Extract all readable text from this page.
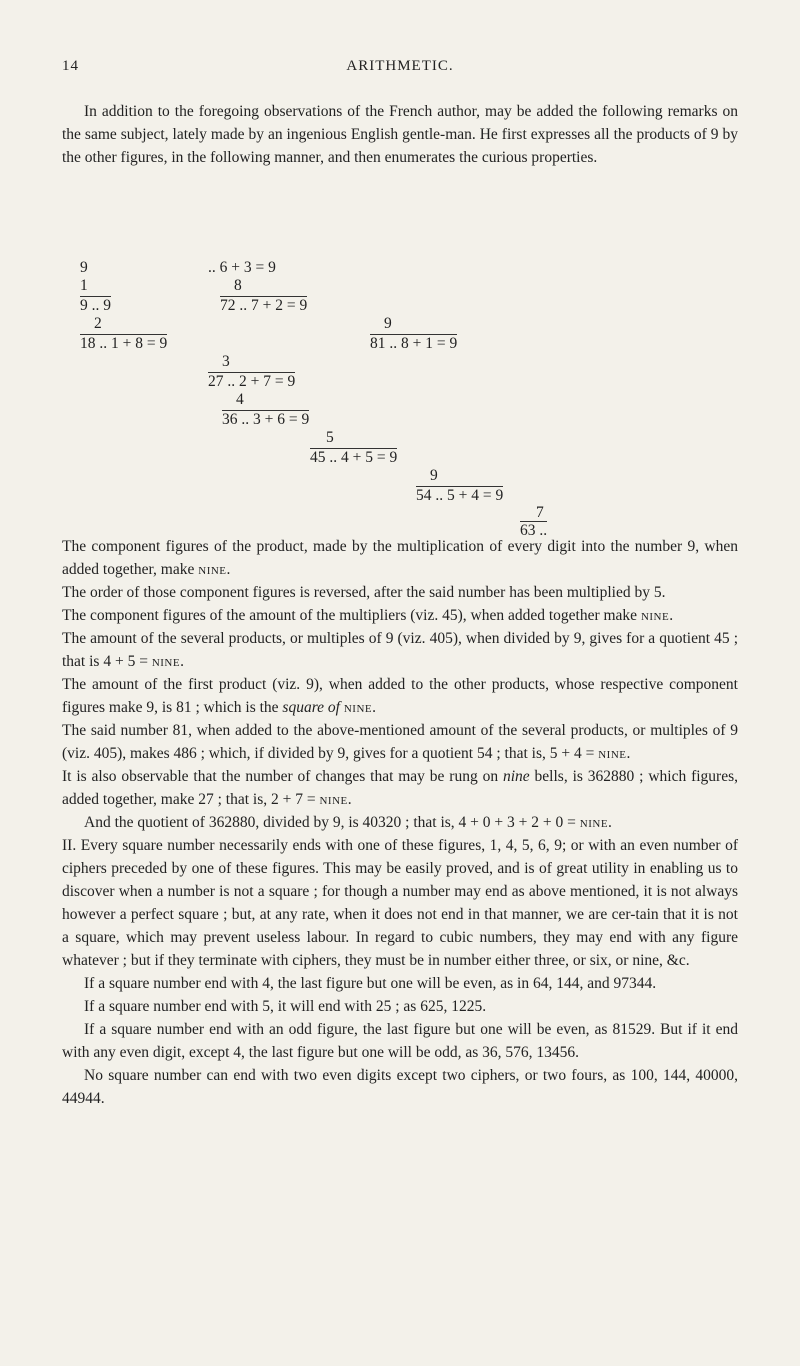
14	ARITHMETIC.

In addition to the foregoing observations of the French author, may be added the following remarks on the same subject, lately made by an ingenious English gentle-man. He first expresses all the products of 9 by the other figures, in the following manner, and then enumerates the curious properties.

9
1
9 .. 9
2
18 .. 1 + 8 = 9
3
27 .. 2 + 7 = 9
4
36 .. 3 + 6 = 9
5
45 .. 4 + 5 = 9
9
54 .. 5 + 4 = 9
7
63 ..
.. 6 + 3 = 9
8
72 .. 7 + 2 = 9
9
81 .. 8 + 1 = 9

The component figures of the product, made by the multiplication of every digit into the number 9, when added together, make nine.

The order of those component figures is reversed, after the said number has been multiplied by 5.

The component figures of the amount of the multipliers (viz. 45), when added together make nine.

The amount of the several products, or multiples of 9 (viz. 405), when divided by 9, gives for a quotient 45 ; that is 4 + 5 = nine.

The amount of the first product (viz. 9), when added to the other products, whose respective component figures make 9, is 81 ; which is the square of nine.

The said number 81, when added to the above-mentioned amount of the several products, or multiples of 9 (viz. 405), makes 486 ; which, if divided by 9, gives for a quotient 54 ; that is, 5 + 4 = nine.

It is also observable that the number of changes that may be rung on nine bells, is 362880 ; which figures, added together, make 27 ; that is, 2 + 7 = nine.

And the quotient of 362880, divided by 9, is 40320 ; that is, 4 + 0 + 3 + 2 + 0 = nine.

II. Every square number necessarily ends with one of these figures, 1, 4, 5, 6, 9; or with an even number of ciphers preceded by one of these figures. This may be easily proved, and is of great utility in enabling us to discover when a number is not a square ; for though a number may end as above mentioned, it is not always however a perfect square ; but, at any rate, when it does not end in that manner, we are cer-tain that it is not a square, which may prevent useless labour. In regard to cubic numbers, they may end with any figure whatever ; but if they terminate with ciphers, they must be in number either three, or six, or nine, &c.

If a square number end with 4, the last figure but one will be even, as in 64, 144, and 97344.

If a square number end with 5, it will end with 25 ; as 625, 1225.

If a square number end with an odd figure, the last figure but one will be even, as 81529. But if it end with any even digit, except 4, the last figure but one will be odd, as 36, 576, 13456.

No square number can end with two even digits except two ciphers, or two fours, as 100, 144, 40000, 44944.
